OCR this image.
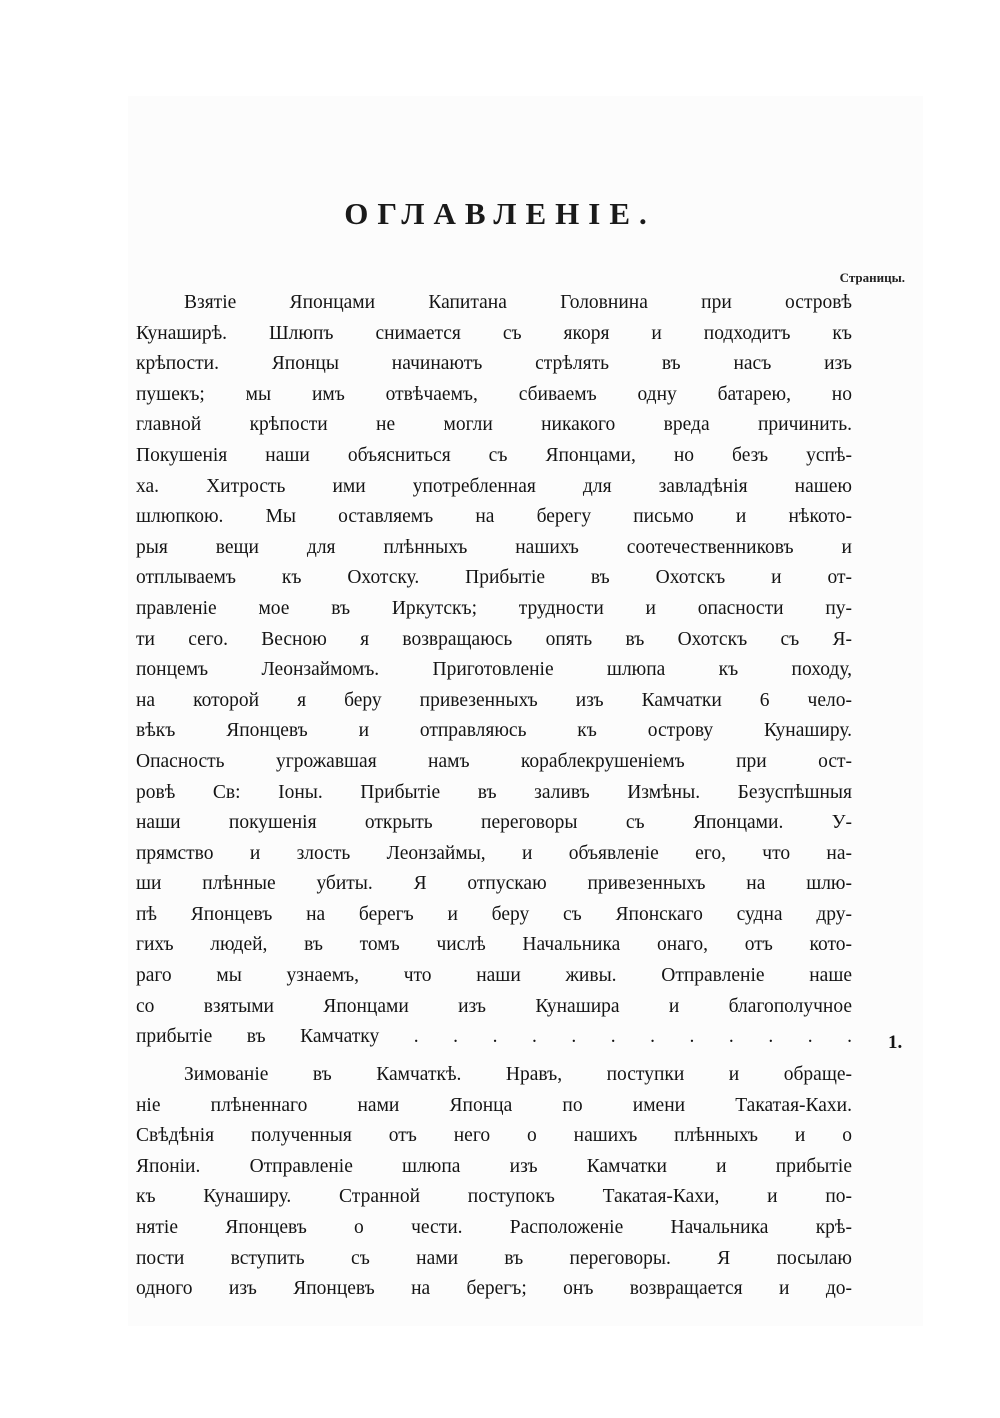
ОГЛАВЛЕНІЕ.
Страницы.
Взятіе Японцами Капитана Головнина при островѣ
Кунаширѣ. Шлюпъ снимается съ якоря и подходитъ къ
крѣпости. Японцы начинаютъ стрѣлять въ насъ изъ
пушекъ; мы имъ отвѣчаемъ, сбиваемъ одну батарею, но
главной крѣпости не могли никакого вреда причинить.
Покушенія наши объясниться съ Японцами, но безъ успѣ-
ха. Хитрость ими употребленная для завладѣнія нашею
шлюпкою. Мы оставляемъ на берегу письмо и нѣкото-
рыя вещи для плѣнныхъ нашихъ соотечественниковъ и
отплываемъ къ Охотску. Прибытіе въ Охотскъ и от-
правленіе мое въ Иркутскъ; трудности и опасности пу-
ти сего. Весною я возвращаюсь опять въ Охотскъ съ Я-
понцемъ Леонзаймомъ. Приготовленіе шлюпа къ походу,
на которой я беру привезенныхъ изъ Камчатки 6 чело-
вѣкъ Японцевъ и отправляюсь къ острову Кунаширу.
Опасность угрожавшая намъ кораблекрушеніемъ при ост-
ровѣ Св: Іоны. Прибытіе въ заливъ Измѣны. Безуспѣшныя
наши покушенія открыть переговоры съ Японцами. У-
прямство и злость Леонзаймы, и объявленіе его, что на-
ши плѣнные убиты. Я отпускаю привезенныхъ на шлю-
пѣ Японцевъ на берегъ и беру съ Японскаго судна дру-
гихъ людей, въ томъ числѣ Начальника онаго, отъ кото-
раго мы узнаемъ, что наши живы. Отправленіе наше
со взятыми Японцами изъ Кунашира и благополучное
прибытіе въ Камчатку . . . . . . . . . . . . 1.
Зимованіе въ Камчаткѣ. Нравъ, поступки и обраще-
ніе плѣненнаго нами Японца по имени Такатая-Кахи.
Свѣдѣнія полученныя отъ него о нашихъ плѣнныхъ и о
Японіи. Отправленіе шлюпа изъ Камчатки и прибытіе
къ Кунаширу. Странной поступокъ Такатая-Кахи, и по-
нятіе Японцевъ о чести. Расположеніе Начальника крѣ-
пости вступить съ нами въ переговоры. Я посылаю
одного изъ Японцевъ на берегъ; онъ возвращается и до-
